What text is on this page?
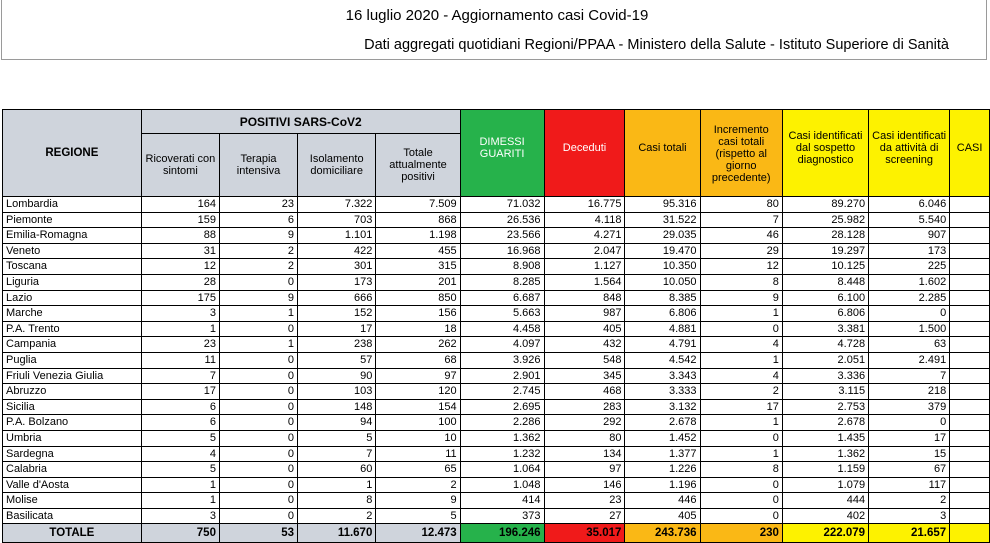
16 luglio 2020 - Aggiornamento casi Covid-19
Dati aggregati quotidiani Regioni/PPAA - Ministero della Salute - Istituto Superiore di Sanità
REGIONE	POSITIVI SARS-CoV2				DIMESSI GUARITI	Deceduti	Casi totali	Incremento casi totali (rispetto al giorno precedente)	Casi identificati dal sospetto diagnostico	Casi identificati da attività di screening	CASI
	Ricoverati con sintomi	Terapia intensiva	Isolamento domiciliare	Totale attualmente positivi							
Lombardia	164	23	7.322	7.509	71.032	16.775	95.316	80	89.270	6.046	
Piemonte	159	6	703	868	26.536	4.118	31.522	7	25.982	5.540	
Emilia-Romagna	88	9	1.101	1.198	23.566	4.271	29.035	46	28.128	907	
Veneto	31	2	422	455	16.968	2.047	19.470	29	19.297	173	
Toscana	12	2	301	315	8.908	1.127	10.350	12	10.125	225	
Liguria	28	0	173	201	8.285	1.564	10.050	8	8.448	1.602	
Lazio	175	9	666	850	6.687	848	8.385	9	6.100	2.285	
Marche	3	1	152	156	5.663	987	6.806	1	6.806	0	
P.A. Trento	1	0	17	18	4.458	405	4.881	0	3.381	1.500	
Campania	23	1	238	262	4.097	432	4.791	4	4.728	63	
Puglia	11	0	57	68	3.926	548	4.542	1	2.051	2.491	
Friuli Venezia Giulia	7	0	90	97	2.901	345	3.343	4	3.336	7	
Abruzzo	17	0	103	120	2.745	468	3.333	2	3.115	218	
Sicilia	6	0	148	154	2.695	283	3.132	17	2.753	379	
P.A. Bolzano	6	0	94	100	2.286	292	2.678	1	2.678	0	
Umbria	5	0	5	10	1.362	80	1.452	0	1.435	17	
Sardegna	4	0	7	11	1.232	134	1.377	1	1.362	15	
Calabria	5	0	60	65	1.064	97	1.226	8	1.159	67	
Valle d'Aosta	1	0	1	2	1.048	146	1.196	0	1.079	117	
Molise	1	0	8	9	414	23	446	0	444	2	
Basilicata	3	0	2	5	373	27	405	0	402	3	
TOTALE	750	53	11.670	12.473	196.246	35.017	243.736	230	222.079	21.657	
